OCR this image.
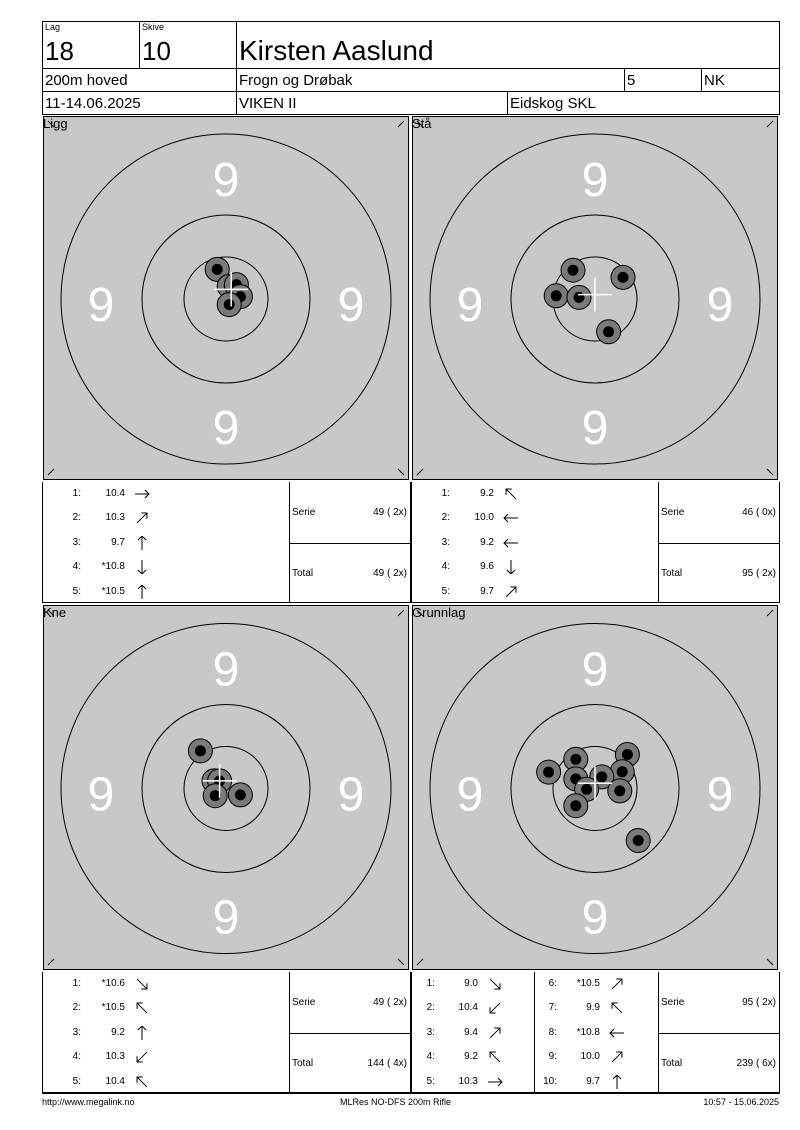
Lag
18
Skive
10 Kirsten Aaslund
200m hoved	Frogn og Drøbak	5	NK
11-14.06.2025	VIKEN II	Eidskog SKL
9
9
9	9
Ligg
1:	10.4
2:	10.3
3:	9.7
4:	*10.8
5:	*10.5
Serie	49 ( 2x)
Total	49 ( 2x)
9
9
9	9
Stå
1:	9.2
2:	10.0
3:	9.2
4:	9.6
5:	9.7
Serie	46 ( 0x)
Total	95 ( 2x)
9
9
9	9
Kne
1:	*10.6
2:	*10.5
3:	9.2
4:	10.3
5:	10.4
Serie	49 ( 2x)
Total	144 ( 4x)
9
9
9	9
Grunnlag
1:	9.0
2:	10.4
3:	9.4
4:	9.2
5:	10.3
6:	*10.5
7:	9.9
8:	*10.8
9:	10.0
10:	9.7
Serie	95 ( 2x)
Total	239 ( 6x)
http://www.megalink.no	MLRes NO-DFS 200m Rifle	10:57 - 15.06.2025
